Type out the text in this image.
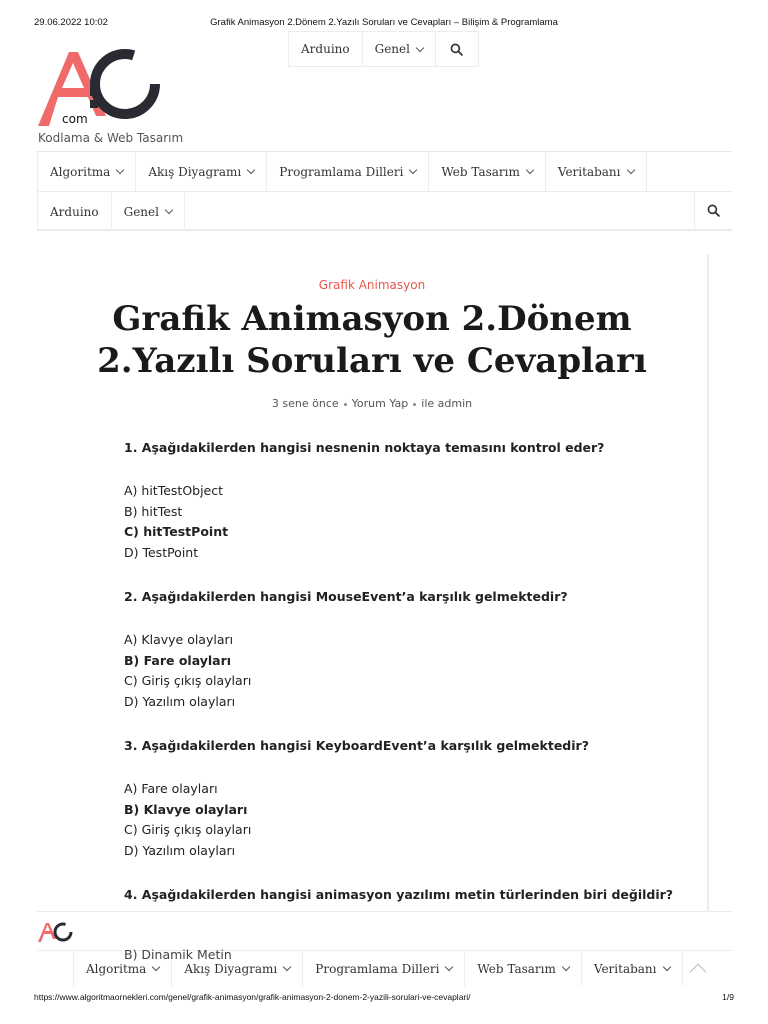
29.06.2022 10:02	Grafik Animasyon 2.Dönem 2.Yazılı Soruları ve Cevapları – Bilişim & Programlama
Arduino Genel
com
Kodlama & Web Tasarım
Algoritma	Akış Diyagramı	Programlama Dilleri	Web Tasarım	Veritabanı
Arduino Genel
Grafik Animasyon
Grafik Animasyon 2.Dönem 2.Yazılı Soruları ve Cevapları
3 sene önce Yorum Yap ile admin
1. Aşağıdakilerden hangisi nesnenin noktaya temasını kontrol eder?
A) hitTestObject
B) hitTest
C) hitTestPoint
D) TestPoint
2. Aşağıdakilerden hangisi MouseEvent’a karşılık gelmektedir?
A) Klavye olayları
B) Fare olayları
C) Giriş çıkış olayları
D) Yazılım olayları
3. Aşağıdakilerden hangisi KeyboardEvent’a karşılık gelmektedir?
A) Fare olayları
B) Klavye olayları
C) Giriş çıkış olayları
D) Yazılım olayları
4. Aşağıdakilerden hangisi animasyon yazılımı metin türlerinden biri değildir?
Algoritma	Akış Diyagramı	Programlama Dilleri	Web Tasarım	Veritabanı
B) Dinamik Metin
https://www.algoritmaornekleri.com/genel/grafik-animasyon/grafik-animasyon-2-donem-2-yazili-sorulari-ve-cevaplari/	1/9
